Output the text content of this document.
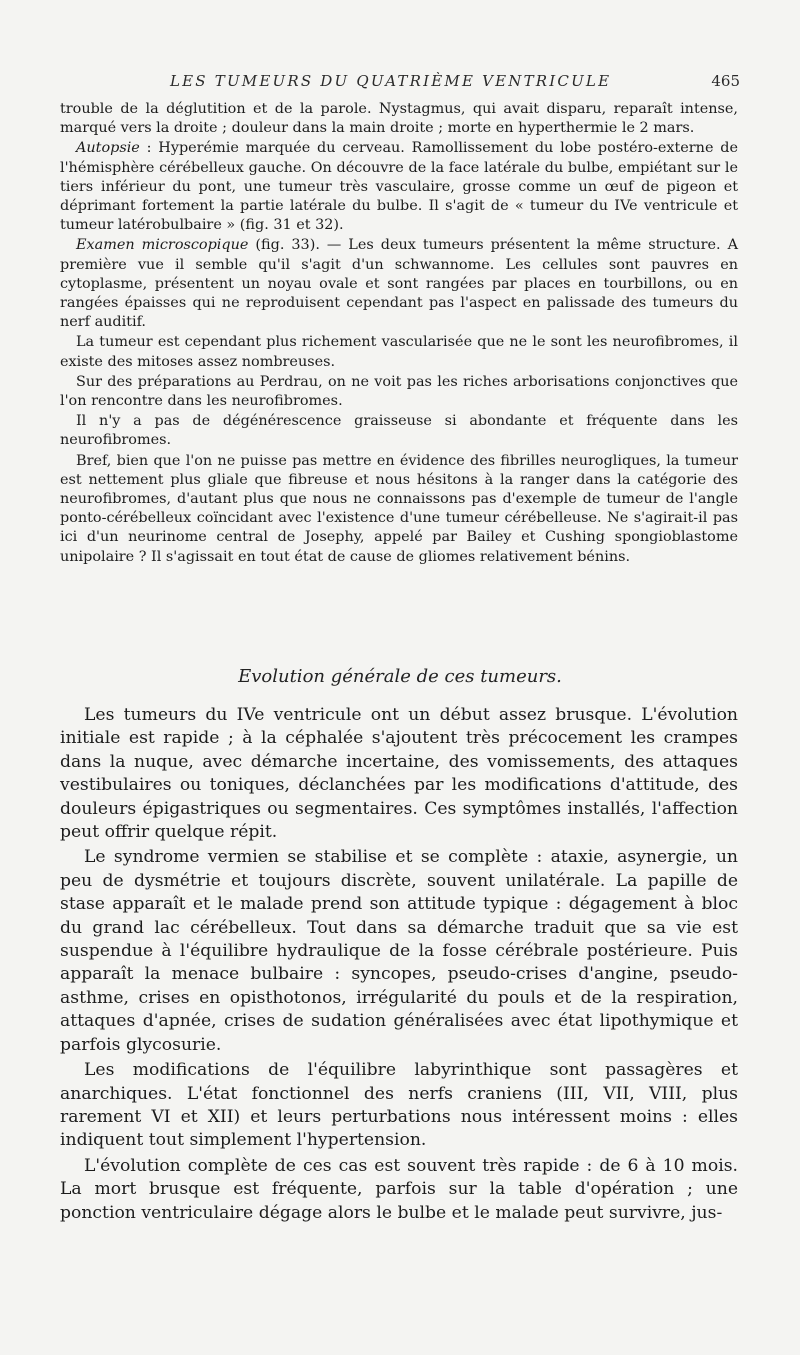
LES TUMEURS DU QUATRIÈME VENTRICULE	465

trouble de la déglutition et de la parole. Nystagmus, qui avait disparu, reparaît intense, marqué vers la droite ; douleur dans la main droite ; morte en hyperthermie le 2 mars.

Autopsie : Hyperémie marquée du cerveau. Ramollissement du lobe postéro-externe de l'hémisphère cérébelleux gauche. On découvre de la face latérale du bulbe, empiétant sur le tiers inférieur du pont, une tumeur très vasculaire, grosse comme un œuf de pigeon et déprimant fortement la partie latérale du bulbe. Il s'agit de « tumeur du IVe ventricule et tumeur latérobulbaire » (fig. 31 et 32).

Examen microscopique (fig. 33). — Les deux tumeurs présentent la même structure. A première vue il semble qu'il s'agit d'un schwannome. Les cellules sont pauvres en cytoplasme, présentent un noyau ovale et sont rangées par places en tourbillons, ou en rangées épaisses qui ne reproduisent cependant pas l'aspect en palissade des tumeurs du nerf auditif.

La tumeur est cependant plus richement vascularisée que ne le sont les neurofibromes, il existe des mitoses assez nombreuses.

Sur des préparations au Perdrau, on ne voit pas les riches arborisations conjonctives que l'on rencontre dans les neurofibromes.

Il n'y a pas de dégénérescence graisseuse si abondante et fréquente dans les neurofibromes.

Bref, bien que l'on ne puisse pas mettre en évidence des fibrilles neurogliques, la tumeur est nettement plus gliale que fibreuse et nous hésitons à la ranger dans la catégorie des neurofibromes, d'autant plus que nous ne connaissons pas d'exemple de tumeur de l'angle ponto-cérébelleux coïncidant avec l'existence d'une tumeur cérébelleuse. Ne s'agirait-il pas ici d'un neurinome central de Josephy, appelé par Bailey et Cushing spongioblastome unipolaire ? Il s'agissait en tout état de cause de gliomes relativement bénins.

Evolution générale de ces tumeurs.

Les tumeurs du IVe ventricule ont un début assez brusque. L'évolution initiale est rapide ; à la céphalée s'ajoutent très précocement les crampes dans la nuque, avec démarche incertaine, des vomissements, des attaques vestibulaires ou toniques, déclanchées par les modifications d'attitude, des douleurs épigastriques ou segmentaires. Ces symptômes installés, l'affection peut offrir quelque répit.

Le syndrome vermien se stabilise et se complète : ataxie, asynergie, un peu de dysmétrie et toujours discrète, souvent unilatérale. La papille de stase apparaît et le malade prend son attitude typique : dégagement à bloc du grand lac cérébelleux. Tout dans sa démarche traduit que sa vie est suspendue à l'équilibre hydraulique de la fosse cérébrale postérieure. Puis apparaît la menace bulbaire : syncopes, pseudo-crises d'angine, pseudo-asthme, crises en opisthotonos, irrégularité du pouls et de la respiration, attaques d'apnée, crises de sudation généralisées avec état lipothymique et parfois glycosurie.

Les modifications de l'équilibre labyrinthique sont passagères et anarchiques. L'état fonctionnel des nerfs craniens (III, VII, VIII, plus rarement VI et XII) et leurs perturbations nous intéressent moins : elles indiquent tout simplement l'hypertension.

L'évolution complète de ces cas est souvent très rapide : de 6 à 10 mois. La mort brusque est fréquente, parfois sur la table d'opération ; une ponction ventriculaire dégage alors le bulbe et le malade peut survivre, jus-
